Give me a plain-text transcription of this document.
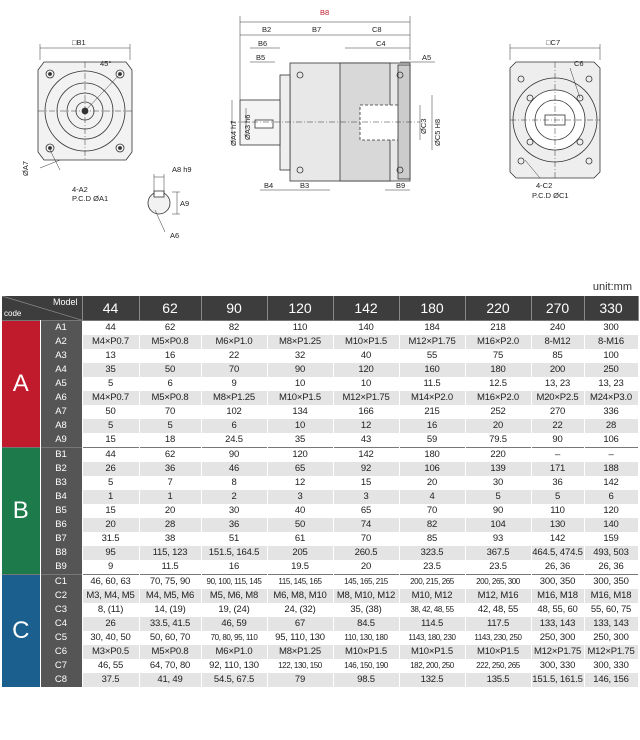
□B1
45°
4-A2
P.C.D ØA1
ØA7	A8 h9
A9
A6
B8
B2	B7	C8
B6	C4
B5	A5
ØA4 h7 ØA3 h6	ØC3 ØC5 H8
B4	B3	B9
□C7
C6
4-C2
P.C.D ØC1
unit:mm
Model
code		44	62	90	120	142	180	220	270	330
A	A1	44	62	82	110	140	184	218	240	300
	A2	M4×P0.7	M5×P0.8	M6×P1.0	M8×P1.25	M10×P1.5	M12×P1.75	M16×P2.0	8-M12	8-M16
	A3	13	16	22	32	40	55	75	85	100
	A4	35	50	70	90	120	160	180	200	250
	A5	5	6	9	10	10	11.5	12.5	13, 23	13, 23
	A6	M4×P0.7	M5×P0.8	M8×P1.25	M10×P1.5	M12×P1.75	M14×P2.0	M16×P2.0	M20×P2.5	M24×P3.0
	A7	50	70	102	134	166	215	252	270	336
	A8	5	5	6	10	12	16	20	22	28
	A9	15	18	24.5	35	43	59	79.5	90	106
B	B1	44	62	90	120	142	180	220	–	–
	B2	26	36	46	65	92	106	139	171	188
	B3	5	7	8	12	15	20	30	36	142
	B4	1	1	2	3	3	4	5	5	6
	B5	15	20	30	40	65	70	90	110	120
	B6	20	28	36	50	74	82	104	130	140
	B7	31.5	38	51	61	70	85	93	142	159
	B8	95	115, 123	151.5, 164.5	205	260.5	323.5	367.5	464.5, 474.5	493, 503
	B9	9	11.5	16	19.5	20	23.5	23.5	26, 36	26, 36
C	C1	46, 60, 63	70, 75, 90	90, 100, 115, 145	115, 145, 165	145, 165, 215	200, 215, 265	200, 265, 300	300, 350	300, 350
	C2	M3, M4, M5	M4, M5, M6	M5, M6, M8	M6, M8, M10	M8, M10, M12	M10, M12	M12, M16	M16, M18	M16, M18
	C3	8, (11)	14, (19)	19, (24)	24, (32)	35, (38)	38, 42, 48, 55	42, 48, 55	48, 55, 60	55, 60, 75
	C4	26	33.5, 41.5	46, 59	67	84.5	114.5	117.5	133, 143	133, 143
	C5	30, 40, 50	50, 60, 70	70, 80, 95, 110	95, 110, 130	110, 130, 180	1143, 180, 230	1143, 230, 250	250, 300	250, 300
	C6	M3×P0.5	M5×P0.8	M6×P1.0	M8×P1.25	M10×P1.5	M10×P1.5	M10×P1.5	M12×P1.75	M12×P1.75
	C7	46, 55	64, 70, 80	92, 110, 130	122, 130, 150	146, 150, 190	182, 200, 250	222, 250, 265	300, 330	300, 330
	C8	37.5	41, 49	54.5, 67.5	79	98.5	132.5	135.5	151.5, 161.5	146, 156
